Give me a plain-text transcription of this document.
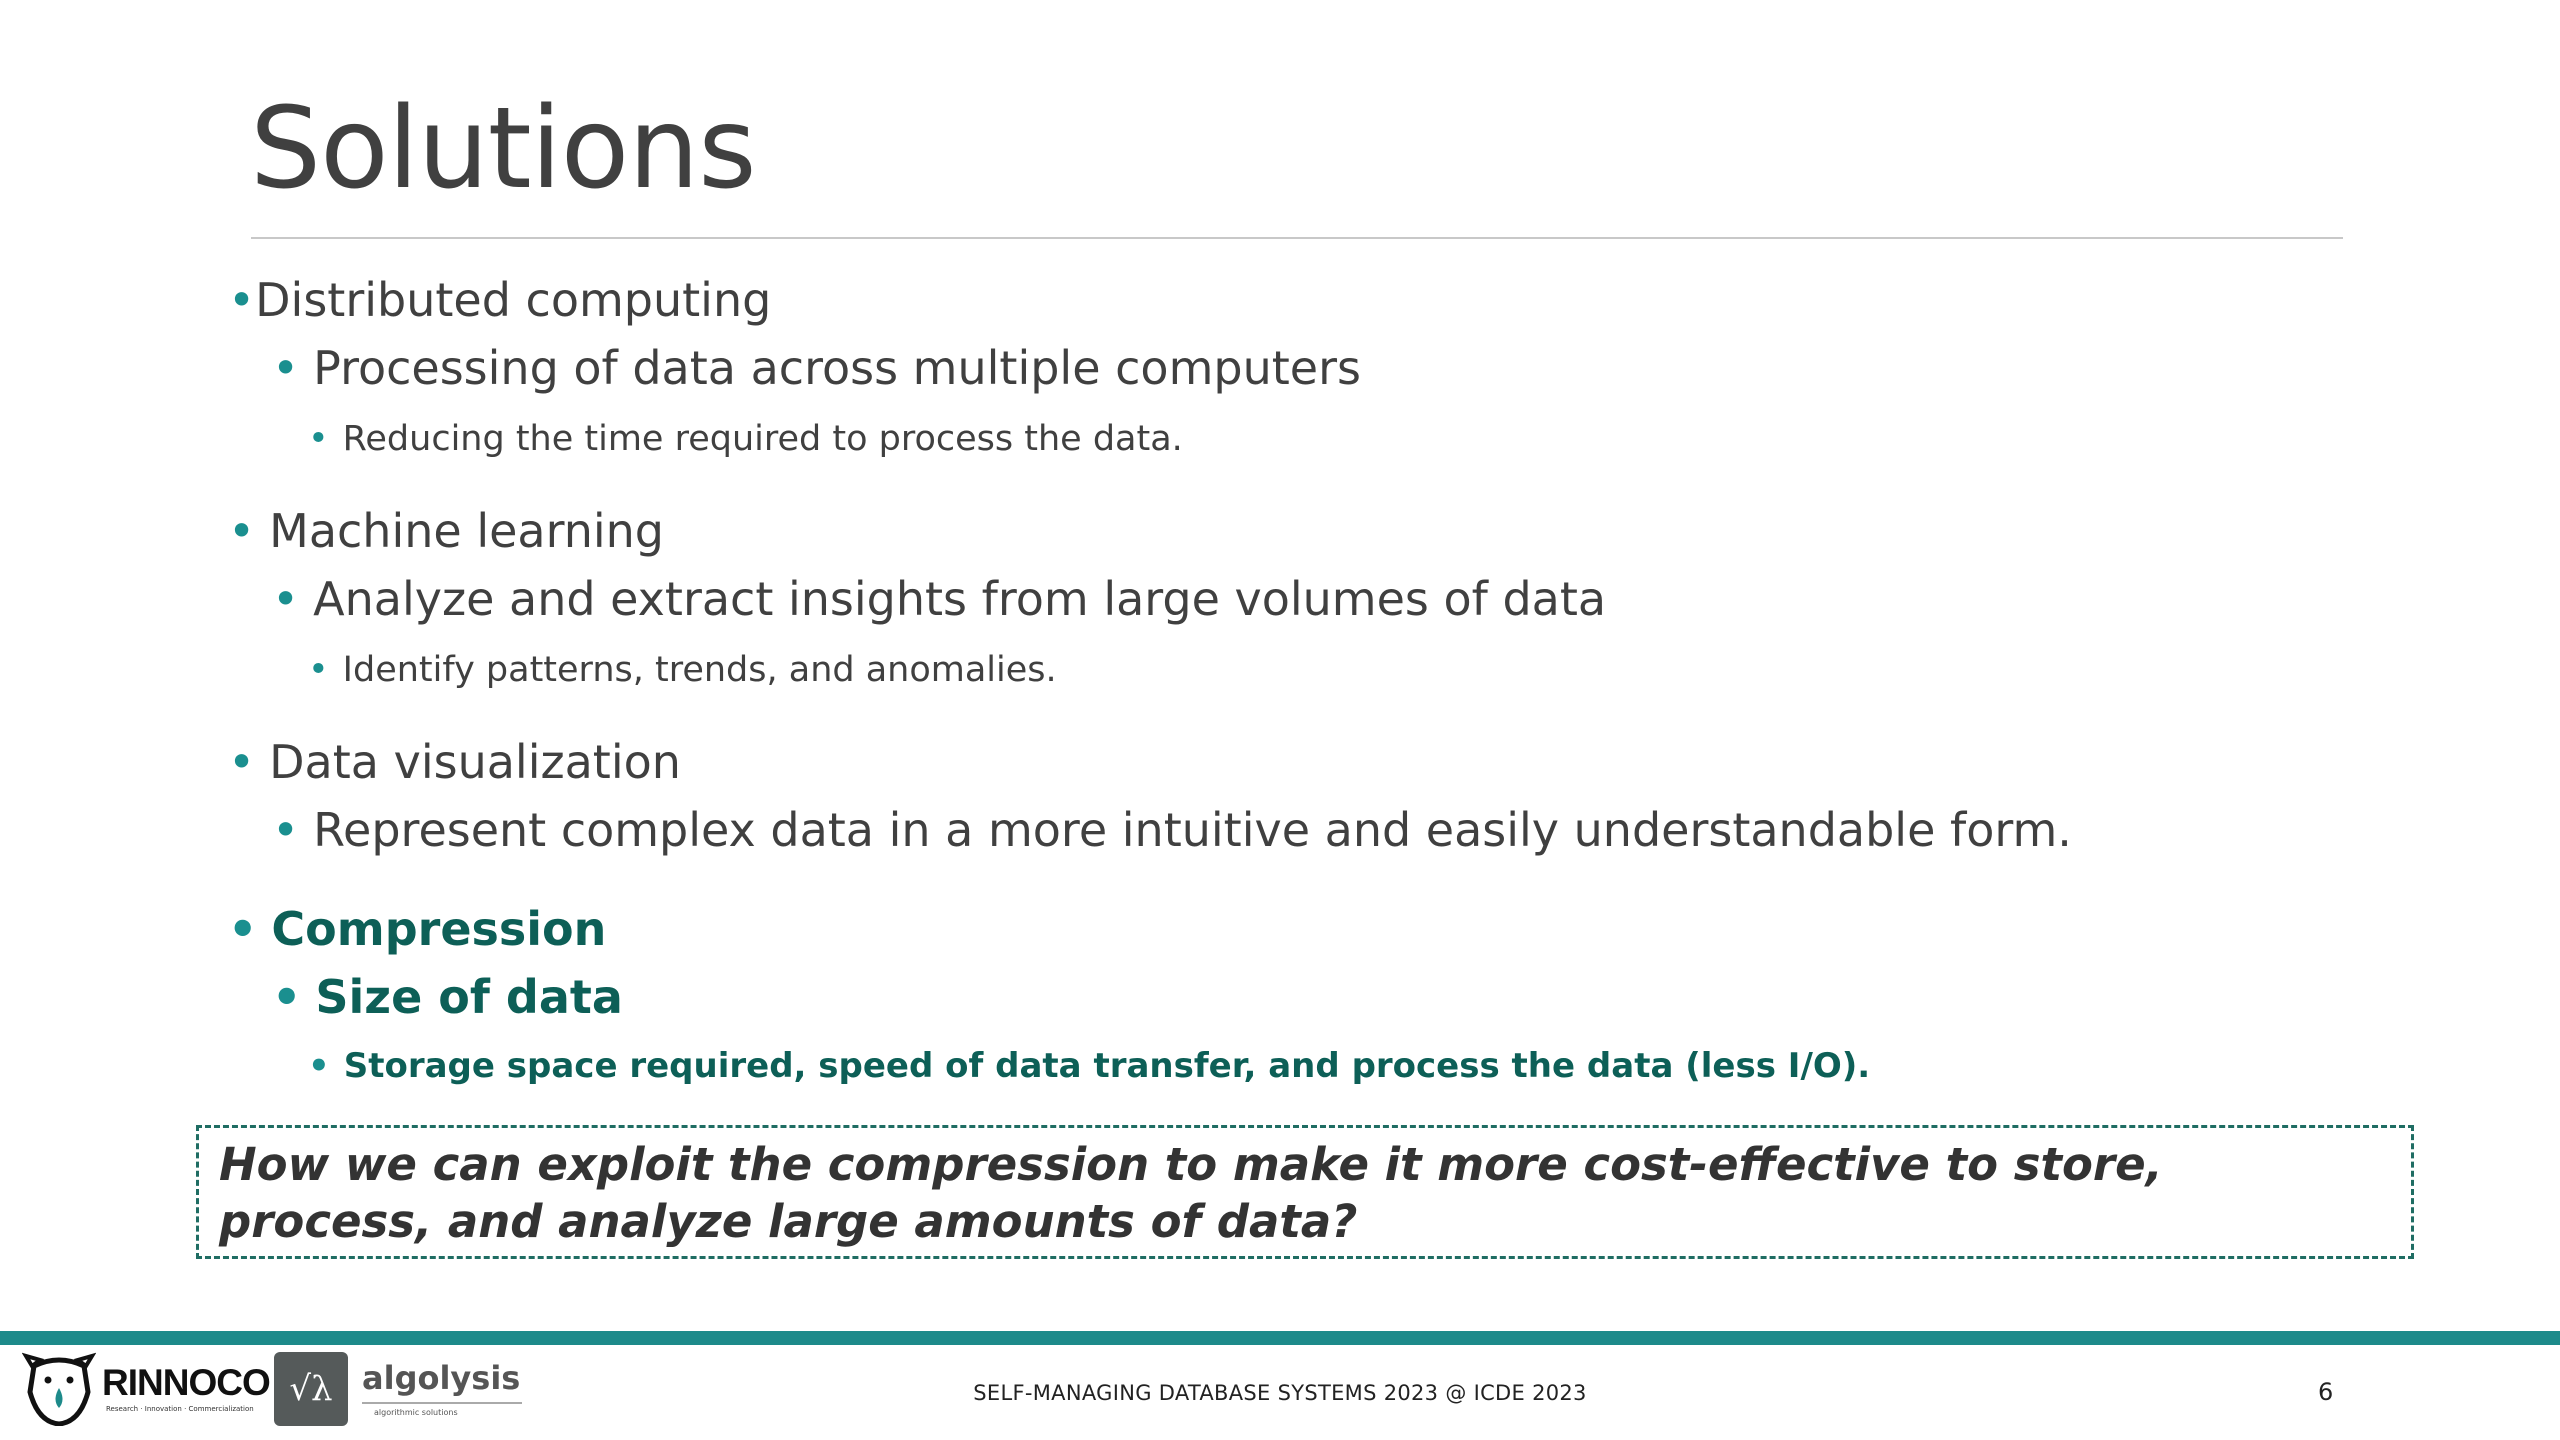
Solutions
•Distributed computing
• Processing of data across multiple computers
• Reducing the time required to process the data.
• Machine learning
• Analyze and extract insights from large volumes of data
• Identify patterns, trends, and anomalies.
• Data visualization
• Represent complex data in a more intuitive and easily understandable form.
• Compression
• Size of data
• Storage space required, speed of data transfer, and process the data (less I/O).
How we can exploit the compression to make it more cost-effective to store, process, and analyze large amounts of data?
RINNOCO
Research · Innovation · Commercialization	√λ algolysis
algorithmic solutions
SELF-MANAGING DATABASE SYSTEMS 2023 @ ICDE 2023	6
